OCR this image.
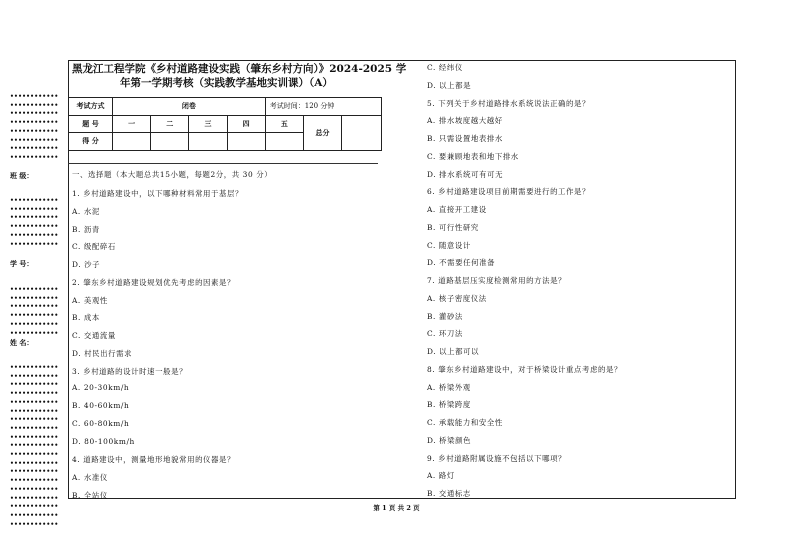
黑龙江工程学院《乡村道路建设实践（肇东乡村方向）》2024-2025 学
年第一学期考核（实践教学基地实训课）（A）
考试方式	闭卷				考试时间：120 分钟		
题 号	一	二	三	四	五	总分	
得 分							
一、选择题（本大题总共15小题，每题2分，共 30 分）
1. 乡村道路建设中，以下哪种材料常用于基层？
A. 水泥
B. 沥青
C. 级配碎石
D. 沙子
2. 肇东乡村道路建设规划优先考虑的因素是？
A. 美观性
B. 成本
C. 交通流量
D. 村民出行需求
3. 乡村道路的设计时速一般是？
A. 20-30km/h
B. 40-60km/h
C. 60-80km/h
D. 80-100km/h
4. 道路建设中，测量地形地貌常用的仪器是？
A. 水准仪
B. 全站仪
C. 经纬仪
D. 以上都是
5. 下列关于乡村道路排水系统说法正确的是？
A. 排水坡度越大越好
B. 只需设置地表排水
C. 要兼顾地表和地下排水
D. 排水系统可有可无
6. 乡村道路建设项目前期需要进行的工作是？
A. 直接开工建设
B. 可行性研究
C. 随意设计
D. 不需要任何准备
7. 道路基层压实度检测常用的方法是？
A. 核子密度仪法
B. 灌砂法
C. 环刀法
D. 以上都可以
8. 肇东乡村道路建设中，对于桥梁设计重点考虑的是？
A. 桥梁外观
B. 桥梁跨度
C. 承载能力和安全性
D. 桥梁颜色
9. 乡村道路附属设施不包括以下哪项？
A. 路灯
B. 交通标志
••••••••••••
••••••••••••
••••••••••••
••••••••••••
••••••••••••
••••••••••••
••••••••••••
••••••••••••
班 级：
••••••••••••
••••••••••••
••••••••••••
••••••••••••
••••••••••••
••••••••••••
学 号：
••••••••••••
••••••••••••
••••••••••••
••••••••••••
••••••••••••
••••••••••••
姓 名：
••••••••••••
••••••••••••
••••••••••••
••••••••••••
••••••••••••
••••••••••••
••••••••••••
••••••••••••
••••••••••••
••••••••••••
••••••••••••
••••••••••••
••••••••••••
••••••••••••
••••••••••••
••••••••••••
••••••••••••
••••••••••••
••••••••••••
第 1 页 共 2 页
